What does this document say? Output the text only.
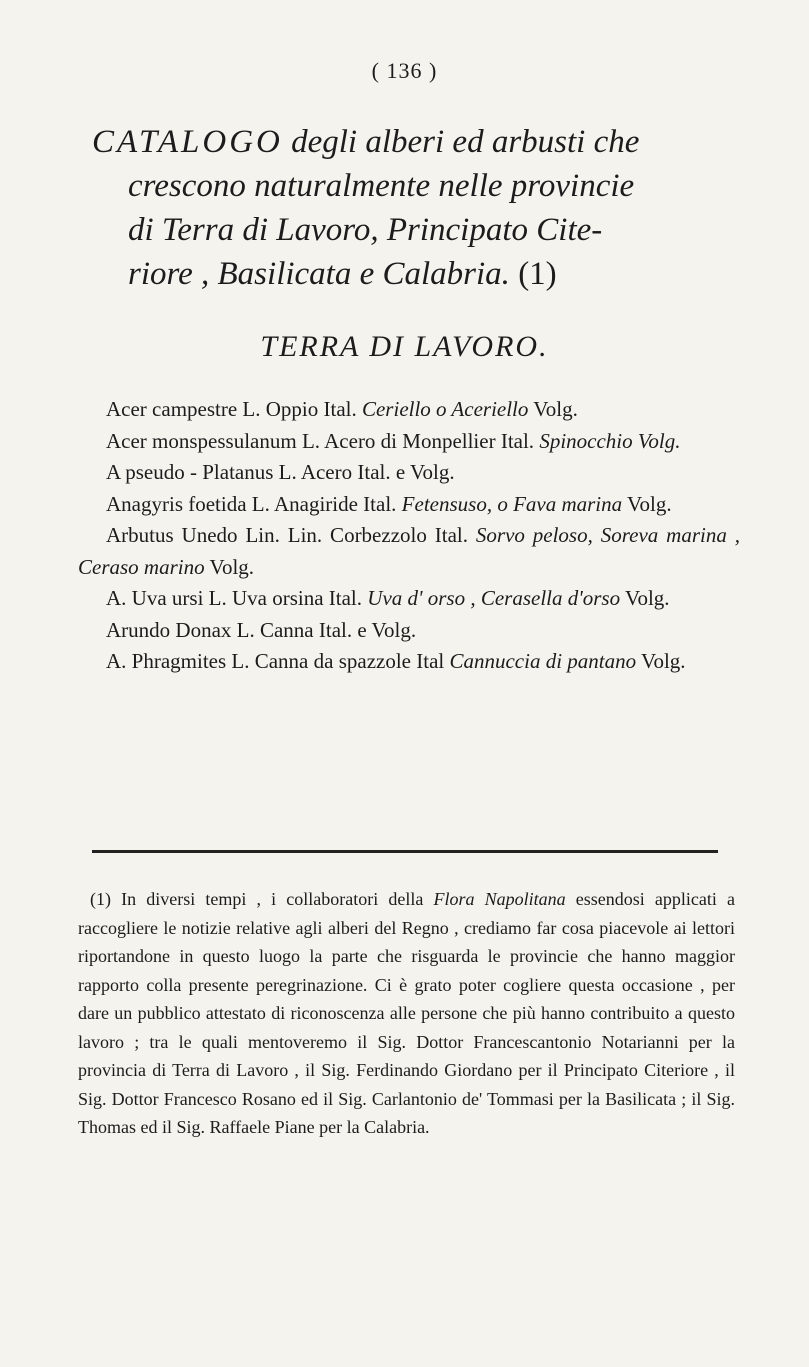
( 136 )
CATALOGO degli alberi ed arbusti che
crescono naturalmente nelle provincie
di Terra di Lavoro, Principato Cite-
riore , Basilicata e Calabria. (1)
TERRA DI LAVORO.

Acer campestre L. Oppio Ital. Ceriello o Aceriello Volg.

Acer monspessulanum L. Acero di Monpellier Ital. Spinocchio Volg.

A pseudo - Platanus L. Acero Ital. e Volg.

Anagyris foetida L. Anagiride Ital. Fetensuso, o Fava marina Volg.

Arbutus Unedo Lin. Lin. Corbezzolo Ital. Sorvo peloso, Soreva marina , Ceraso marino Volg.

A. Uva ursi L. Uva orsina Ital. Uva d' orso , Cerasella d'orso Volg.

Arundo Donax L. Canna Ital. e Volg.

A. Phragmites L. Canna da spazzole Ital Cannuccia di pantano Volg.

(1) In diversi tempi , i collaboratori della Flora Napolitana essendosi applicati a raccogliere le notizie relative agli alberi del Regno , crediamo far cosa piacevole ai lettori riportandone in questo luogo la parte che risguarda le provincie che hanno maggior rapporto colla presente peregrinazione. Ci è grato poter cogliere questa occasione , per dare un pubblico attestato di riconoscenza alle persone che più hanno contribuito a questo lavoro ; tra le quali mentoveremo il Sig. Dottor Francescantonio Notarianni per la provincia di Terra di Lavoro , il Sig. Ferdinando Giordano per il Principato Citeriore , il Sig. Dottor Francesco Rosano ed il Sig. Carlantonio de' Tommasi per la Basilicata ; il Sig. Thomas ed il Sig. Raffaele Piane per la Calabria.
